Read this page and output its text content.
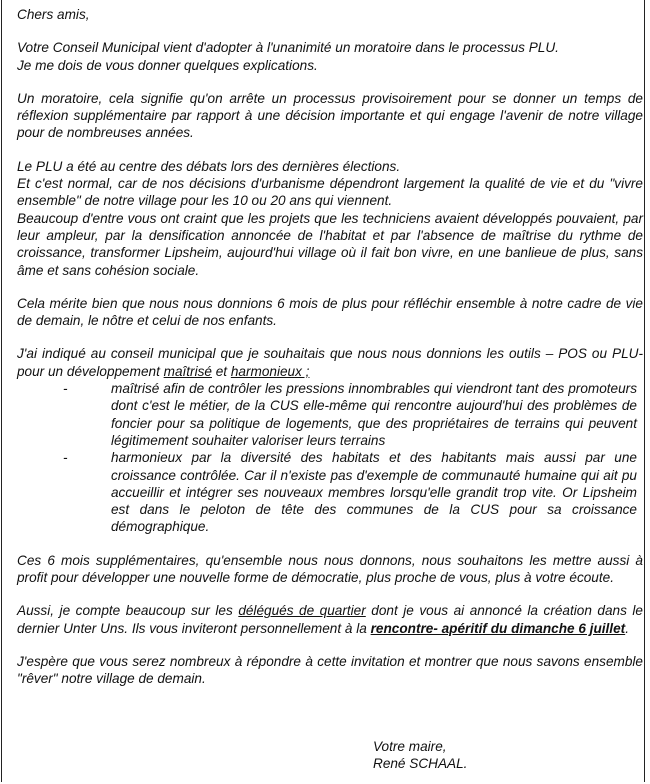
Chers amis,

Votre Conseil Municipal vient d'adopter à l'unanimité un moratoire dans le processus PLU.

Je me dois de vous donner quelques explications.

Un moratoire, cela signifie qu'on arrête un processus provisoirement pour se donner un temps de réflexion supplémentaire par rapport à une décision importante et qui engage l'avenir de notre village pour de nombreuses années.

Le PLU a été au centre des débats lors des dernières élections.

Et c'est normal, car de nos décisions d'urbanisme dépendront largement la qualité de vie et du "vivre ensemble" de notre village pour les 10 ou 20 ans qui viennent.

Beaucoup d'entre vous ont craint que les projets que les techniciens avaient développés pouvaient, par leur ampleur, par la densification annoncée de l'habitat et par l'absence de maîtrise du rythme de croissance, transformer Lipsheim, aujourd'hui village où il fait bon vivre, en une banlieue de plus, sans âme et sans cohésion sociale.

Cela mérite bien que nous nous donnions 6 mois de plus pour réfléchir ensemble à notre cadre de vie de demain, le nôtre et celui de nos enfants.

J'ai indiqué au conseil municipal que je souhaitais que nous nous donnions les outils – POS ou PLU- pour un développement maîtrisé et harmonieux ;

-	maîtrisé afin de contrôler les pressions innombrables qui viendront tant des promoteurs dont c'est le métier, de la CUS elle-même qui rencontre aujourd'hui des problèmes de foncier pour sa politique de logements, que des propriétaires de terrains qui peuvent légitimement souhaiter valoriser leurs terrains
-	harmonieux par la diversité des habitats et des habitants mais aussi par une croissance contrôlée. Car il n'existe pas d'exemple de communauté humaine qui ait pu accueillir et intégrer ses nouveaux membres lorsqu'elle grandit trop vite. Or Lipsheim est dans le peloton de tête des communes de la CUS pour sa croissance démographique.

Ces 6 mois supplémentaires, qu'ensemble nous nous donnons, nous souhaitons les mettre aussi à profit pour développer une nouvelle forme de démocratie, plus proche de vous, plus à votre écoute.

Aussi, je compte beaucoup sur les délégués de quartier dont je vous ai annoncé la création dans le dernier Unter Uns. Ils vous inviteront personnellement à la rencontre- apéritif du dimanche 6 juillet.

J'espère que vous serez nombreux à répondre à cette invitation et montrer que nous savons ensemble "rêver" notre village de demain.

Votre maire,
René SCHAAL.
